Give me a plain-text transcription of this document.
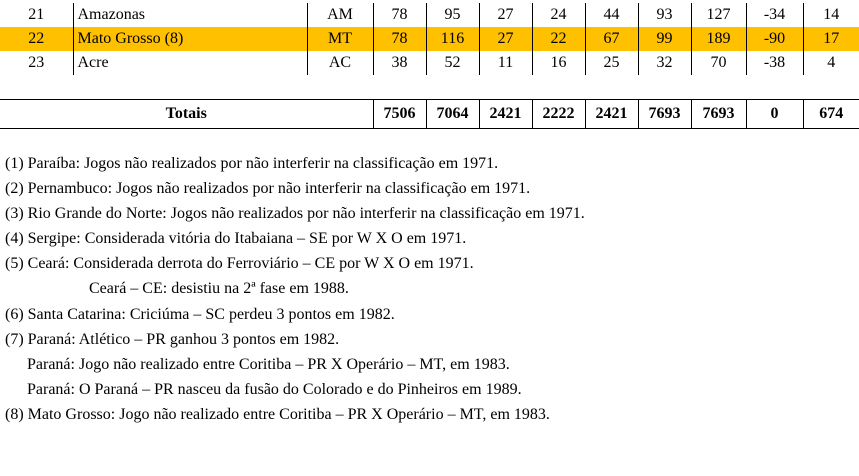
21	Amazonas	AM	78	95	27	24	44	93	127	-34	14
22	Mato Grosso (8)	MT	78	116	27	22	67	99	189	-90	17
23	Acre	AC	38	52	11	16	25	32	70	-38	4
Totais	7506	7064	2421	2222	2421	7693	7693	0	674
(1) Paraíba: Jogos não realizados por não interferir na classificação em 1971.
(2) Pernambuco: Jogos não realizados por não interferir na classificação em 1971.
(3) Rio Grande do Norte: Jogos não realizados por não interferir na classificação em 1971.
(4) Sergipe: Considerada vitória do Itabaiana – SE por W X O em 1971.
(5) Ceará: Considerada derrota do Ferroviário – CE por W X O em 1971.
Ceará – CE: desistiu na 2ª fase em 1988.
(6) Santa Catarina: Criciúma – SC perdeu 3 pontos em 1982.
(7) Paraná: Atlético – PR ganhou 3 pontos em 1982.
Paraná: Jogo não realizado entre Coritiba – PR X Operário – MT, em 1983.
Paraná: O Paraná – PR nasceu da fusão do Colorado e do Pinheiros em 1989.
(8) Mato Grosso: Jogo não realizado entre Coritiba – PR X Operário – MT, em 1983.
